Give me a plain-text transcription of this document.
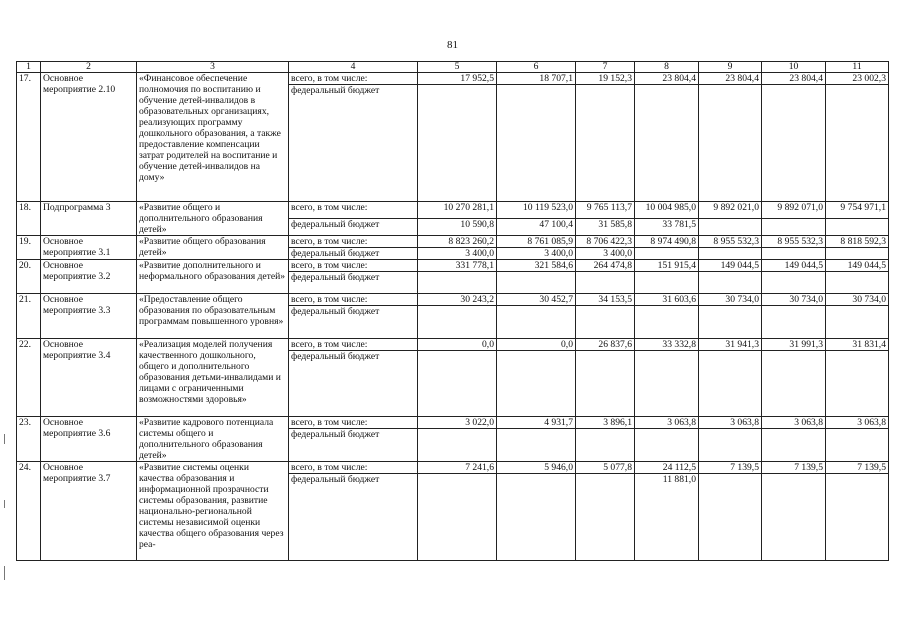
81
1	2	3	4	5	6	7	8	9	10	11
17.	Основное мероприятие 2.10	«Финансовое обеспечение полномочия по воспитанию и обучение детей-инвалидов в образовательных организациях, реализующих программу дошкольного образования, а также предоставление компенсации затрат родителей на воспитание и обучение детей-инвалидов на дому»	всего, в том числе:	17 952,5	18 707,1	19 152,3	23 804,4	23 804,4	23 804,4	23 002,3
			федеральный бюджет							
18.	Подпрограмма 3	«Развитие общего и дополнительного образования детей»	всего, в том числе:	10 270 281,1	10 119 523,0	9 765 113,7	10 004 985,0	9 892 021,0	9 892 071,0	9 754 971,1
			федеральный бюджет	10 590,8	47 100,4	31 585,8	33 781,5			
19.	Основное мероприятие 3.1	«Развитие общего образования детей»	всего, в том числе:	8 823 260,2	8 761 085,9	8 706 422,3	8 974 490,8	8 955 532,3	8 955 532,3	8 818 592,3
			федеральный бюджет	3 400,0	3 400,0	3 400,0				
20.	Основное мероприятие 3.2	«Развитие дополнительного и неформального образования детей»	всего, в том числе:	331 778,1	321 584,6	264 474,8	151 915,4	149 044,5	149 044,5	149 044,5
			федеральный бюджет							
21.	Основное мероприятие 3.3	«Предоставление общего образования по образовательным программам повышенного уровня»	всего, в том числе:	30 243,2	30 452,7	34 153,5	31 603,6	30 734,0	30 734,0	30 734,0
			федеральный бюджет							
22.	Основное мероприятие 3.4	«Реализация моделей получения качественного дошкольного, общего и дополнительного образования детьми-инвалидами и лицами с ограниченными возможностями здоровья»	всего, в том числе:	0,0	0,0	26 837,6	33 332,8	31 941,3	31 991,3	31 831,4
			федеральный бюджет							
23.	Основное мероприятие 3.6	«Развитие кадрового потенциала системы общего и дополнительного образования детей»	всего, в том числе:	3 022,0	4 931,7	3 896,1	3 063,8	3 063,8	3 063,8	3 063,8
			федеральный бюджет							
24.	Основное мероприятие 3.7	«Развитие системы оценки качества образования и информационной прозрачности системы образования, развитие национально-региональной системы независимой оценки качества общего образования через реа-	всего, в том числе:	7 241,6	5 946,0	5 077,8	24 112,5	7 139,5	7 139,5	7 139,5
			федеральный бюджет				11 881,0			
